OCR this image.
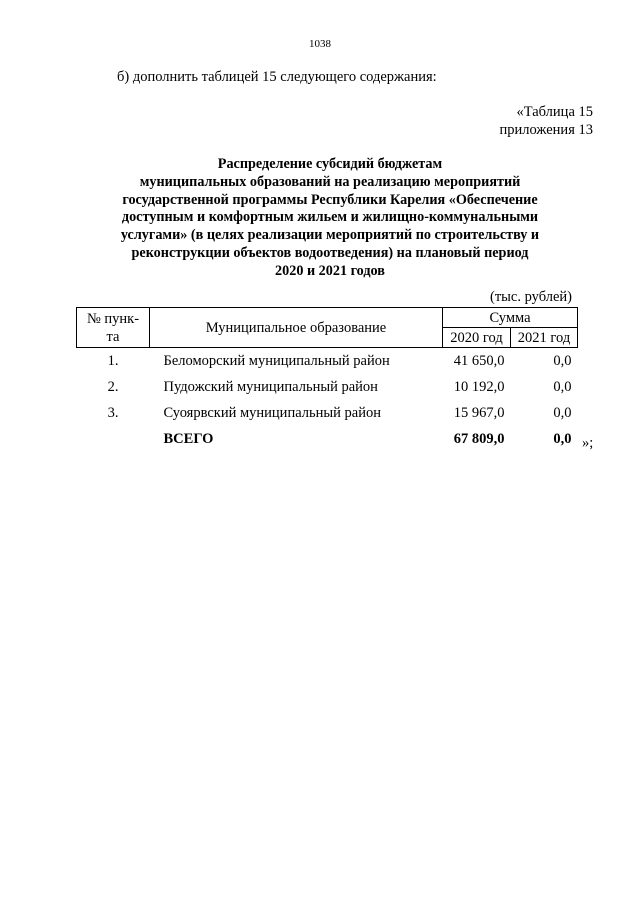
1038
б) дополнить таблицей 15 следующего содержания:
«Таблица 15
приложения 13
Распределение субсидий бюджетам
муниципальных образований на реализацию мероприятий
государственной программы Республики Карелия «Обеспечение
доступным и комфортным жильем и жилищно-коммунальными
услугами» (в целях реализации мероприятий по строительству и
реконструкции объектов водоотведения) на плановый период
2020 и 2021 годов
(тыс. рублей)
№ пунк-
та	Муниципальное образование	Сумма	
		2020 год	2021 год
1.	Беломорский муниципальный район	41 650,0	0,0
2.	Пудожский муниципальный район	10 192,0	0,0
3.	Суоярвский муниципальный район	15 967,0	0,0
	ВСЕГО	67 809,0	0,0 »;
